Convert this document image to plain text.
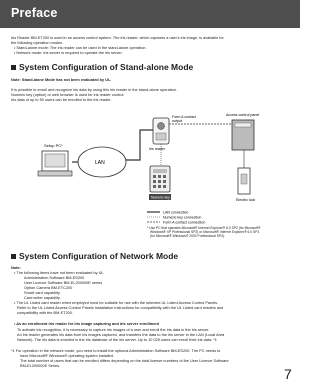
Preface
Iris Reader BM-ET200 is used in an access control system. The iris reader, which captures a user's iris image, is available for
the following operation modes.
• Stand-alone mode: The iris reader can be used in the stand-alone operation.
• Network mode: Iris server is required to operate the iris server.
System Configuration of Stand-alone Mode
Note: Stand-alone Mode has not been evaluated by UL.
It is possible to enroll and recognize iris data by using this iris reader in the stand-alone operation.
Numeric key (option) or web browser is used for iris reader control.
Iris data of up to 50 users can be enrolled to the iris reader.
Setup PC*
LAN
Iris reader
Form A contact
output
Access control panel
Electric lock
Numeric key
LAN connection
Numeric key connection
Form A contact connection
* Use PC that operates Microsoft® Internet Explorer® 6.0 SP2 (for Microsoft®
Windows® XP Professional SP2) or Microsoft® Internet Explorer® 6.0 SP1
(for Microsoft® Windows® 2000 Professional SP4).
System Configuration of Network Mode
Note:
• The following items have not been evaluated by UL.
Administration Software BM-ES200
User Licence Software BM-EL200000E series
Option Camera BM-ETC200
Smart card capability
Card writer capability
• The UL Listed card reader when employed must be suitable for use with the selected UL Listed Access Control Panels.
Refer to the UL Listed Access Control Panels Installation Instructions for compatibility with the UL Listed card readers and
compatibility with the BM-ET200.
• As an enrollment iris reader for iris image capturing and iris server enrollment
To activate iris recognition, it is necessary to capture iris images of a user and enroll the iris data in the iris server.
An iris reader generates iris data from iris images captured, and transfers the data to the iris server in the LAN (Local Area
Network). The iris data is enrolled in the iris database of the iris server. Up to 10 025 users can enroll their iris data. *1
*1 For operation in the network mode, you need to install the optional Administration Software BM-ES200. The PC needs to
have Microsoft® Windows® operating system installed.
The total number of users that can be enrolled differs depending on the total license numbers of the User Licence Software
BM-EL200000E Series.	7
